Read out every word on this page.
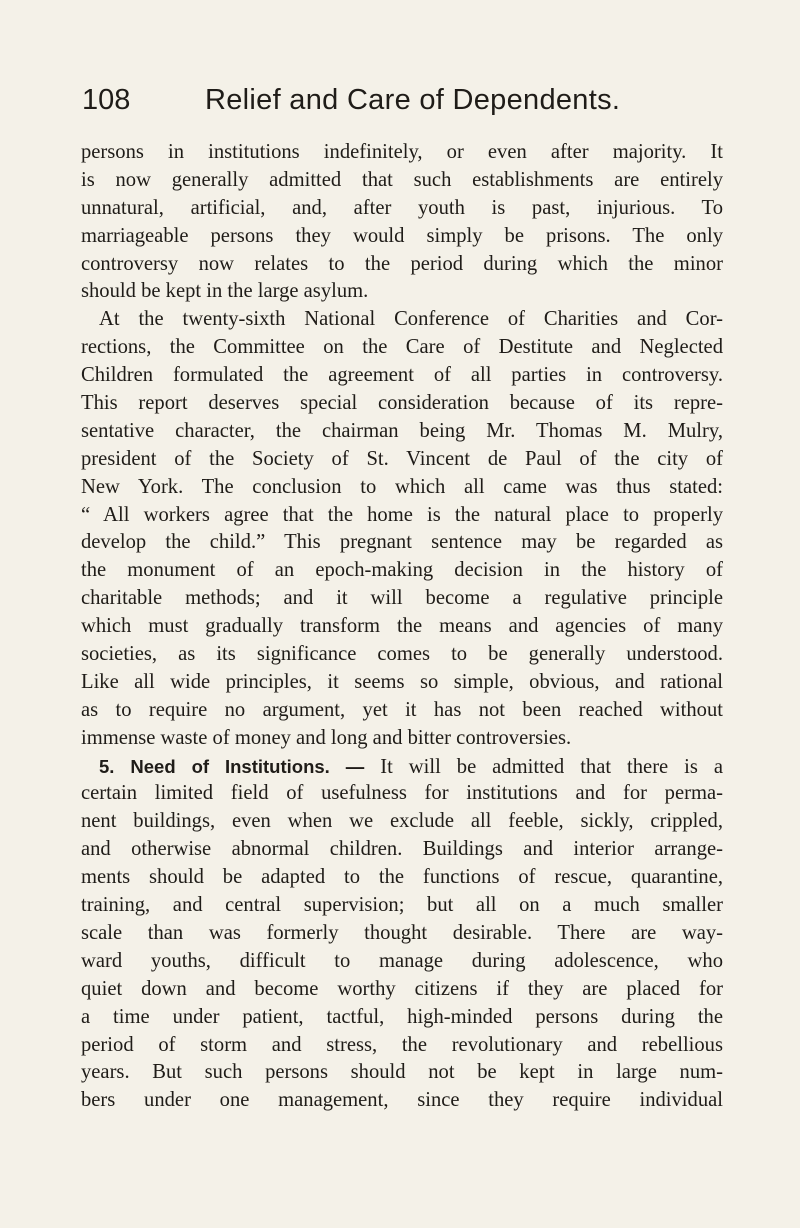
108	Relief and Care of Dependents.
persons in institutions indefinitely, or even after majority. It
is now generally admitted that such establishments are entirely
unnatural, artificial, and, after youth is past, injurious. To
marriageable persons they would simply be prisons. The only
controversy now relates to the period during which the minor
should be kept in the large asylum.
At the twenty-sixth National Conference of Charities and Cor-
rections, the Committee on the Care of Destitute and Neglected
Children formulated the agreement of all parties in controversy.
This report deserves special consideration because of its repre-
sentative character, the chairman being Mr. Thomas M. Mulry,
president of the Society of St. Vincent de Paul of the city of
New York. The conclusion to which all came was thus stated:
“ All workers agree that the home is the natural place to properly
develop the child.” This pregnant sentence may be regarded as
the monument of an epoch-making decision in the history of
charitable methods; and it will become a regulative principle
which must gradually transform the means and agencies of many
societies, as its significance comes to be generally understood.
Like all wide principles, it seems so simple, obvious, and rational
as to require no argument, yet it has not been reached without
immense waste of money and long and bitter controversies.
5. Need of Institutions. — It will be admitted that there is a
certain limited field of usefulness for institutions and for perma-
nent buildings, even when we exclude all feeble, sickly, crippled,
and otherwise abnormal children. Buildings and interior arrange-
ments should be adapted to the functions of rescue, quarantine,
training, and central supervision; but all on a much smaller
scale than was formerly thought desirable. There are way-
ward youths, difficult to manage during adolescence, who
quiet down and become worthy citizens if they are placed for
a time under patient, tactful, high-minded persons during the
period of storm and stress, the revolutionary and rebellious
years. But such persons should not be kept in large num-
bers under one management, since they require individual
